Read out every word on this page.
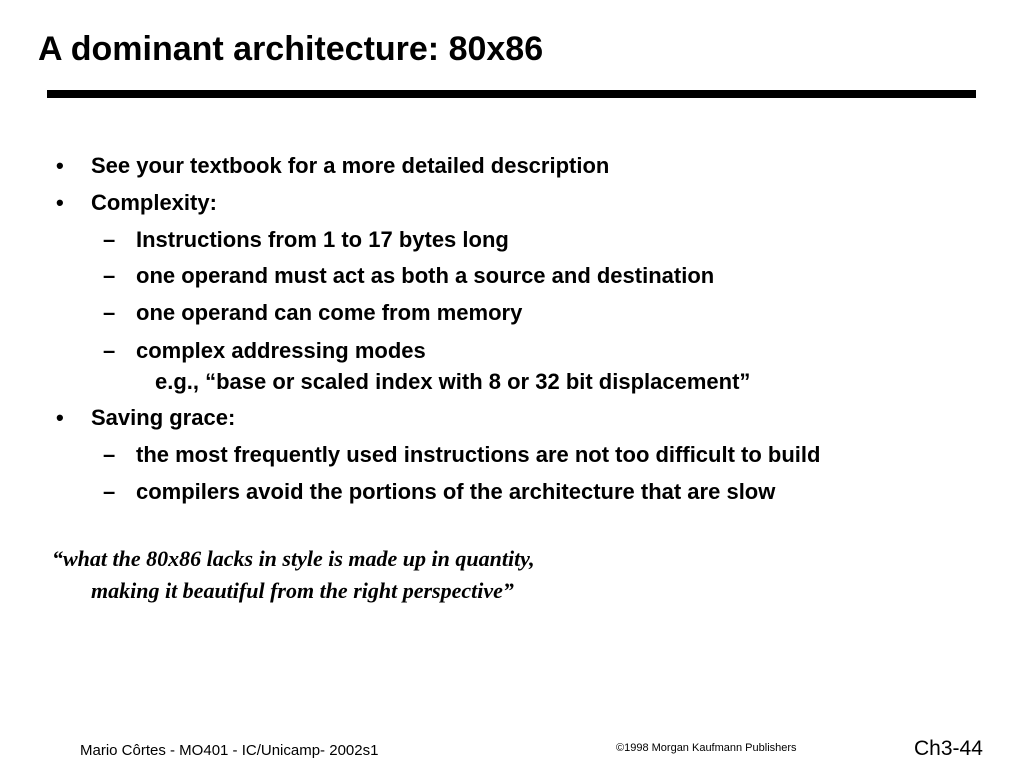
A dominant architecture: 80x86
• See your textbook for a more detailed description
• Complexity:
– Instructions from 1 to 17 bytes long
– one operand must act as both a source and destination
– one operand can come from memory
– complex addressing modes
e.g., “base or scaled index with 8 or 32 bit displacement”
• Saving grace:
– the most frequently used instructions are not too difficult to build
– compilers avoid the portions of the architecture that are slow
“what the 80x86 lacks in style is made up in quantity,
making it beautiful from the right perspective”
Mario Côrtes - MO401 - IC/Unicamp- 2002s1	©1998 Morgan Kaufmann Publishers	Ch3-44
